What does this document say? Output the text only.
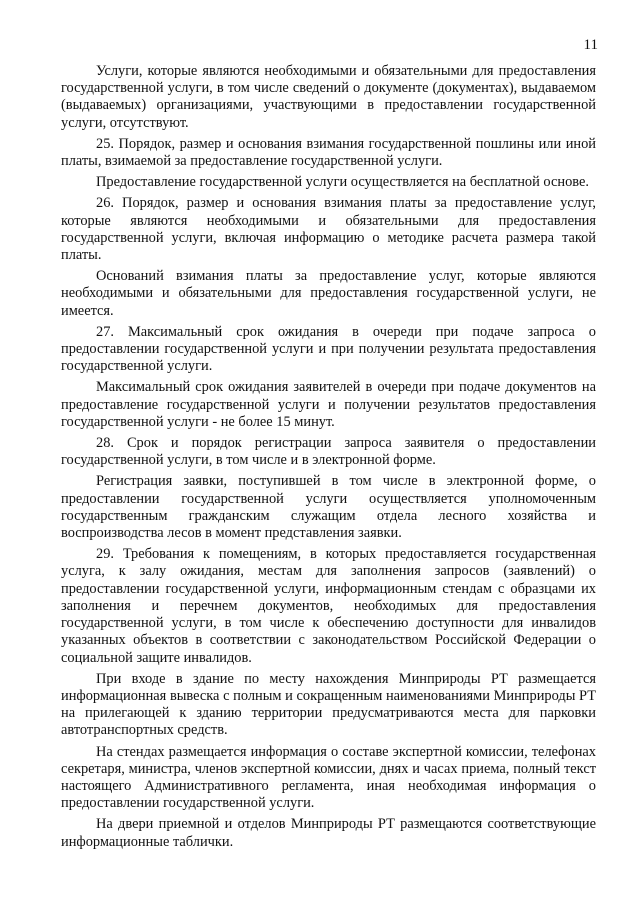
11

Услуги, которые являются необходимыми и обязательными для предоставления государственной услуги, в том числе сведений о документе (документах), выдаваемом (выдаваемых) организациями, участвующими в предоставлении государственной услуги, отсутствуют.

25. Порядок, размер и основания взимания государственной пошлины или иной платы, взимаемой за предоставление государственной услуги.

Предоставление государственной услуги осуществляется на бесплатной основе.

26. Порядок, размер и основания взимания платы за предоставление услуг, которые являются необходимыми и обязательными для предоставления государственной услуги, включая информацию о методике расчета размера такой платы.

Оснований взимания платы за предоставление услуг, которые являются необходимыми и обязательными для предоставления государственной услуги, не имеется.

27. Максимальный срок ожидания в очереди при подаче запроса о предоставлении государственной услуги и при получении результата предоставления государственной услуги.

Максимальный срок ожидания заявителей в очереди при подаче документов на предоставление государственной услуги и получении результатов предоставления государственной услуги - не более 15 минут.

28. Срок и порядок регистрации запроса заявителя о предоставлении государственной услуги, в том числе и в электронной форме.

Регистрация заявки, поступившей в том числе в электронной форме, о предоставлении государственной услуги осуществляется уполномоченным государственным гражданским служащим отдела лесного хозяйства и воспроизводства лесов в момент представления заявки.

29. Требования к помещениям, в которых предоставляется государственная услуга, к залу ожидания, местам для заполнения запросов (заявлений) о предоставлении государственной услуги, информационным стендам с образцами их заполнения и перечнем документов, необходимых для предоставления государственной услуги, в том числе к обеспечению доступности для инвалидов указанных объектов в соответствии с законодательством Российской Федерации о социальной защите инвалидов.

При входе в здание по месту нахождения Минприроды РТ размещается информационная вывеска с полным и сокращенным наименованиями Минприроды РТ на прилегающей к зданию территории предусматриваются места для парковки автотранспортных средств.

На стендах размещается информация о составе экспертной комиссии, телефонах секретаря, министра, членов экспертной комиссии, днях и часах приема, полный текст настоящего Административного регламента, иная необходимая информация о предоставлении государственной услуги.

На двери приемной и отделов Минприроды РТ размещаются соответствующие информационные таблички.
